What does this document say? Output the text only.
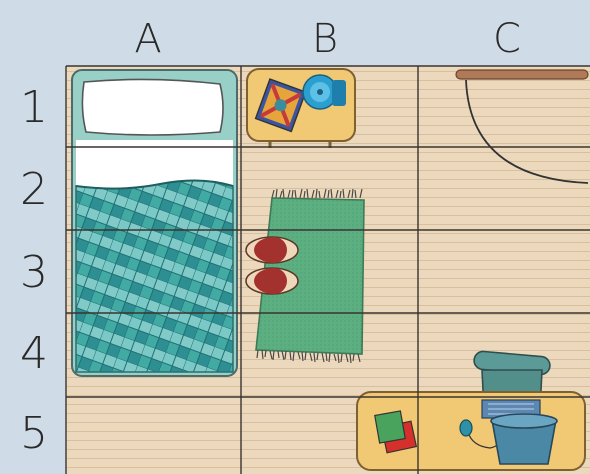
A	B	C
1
2
3
4
5
